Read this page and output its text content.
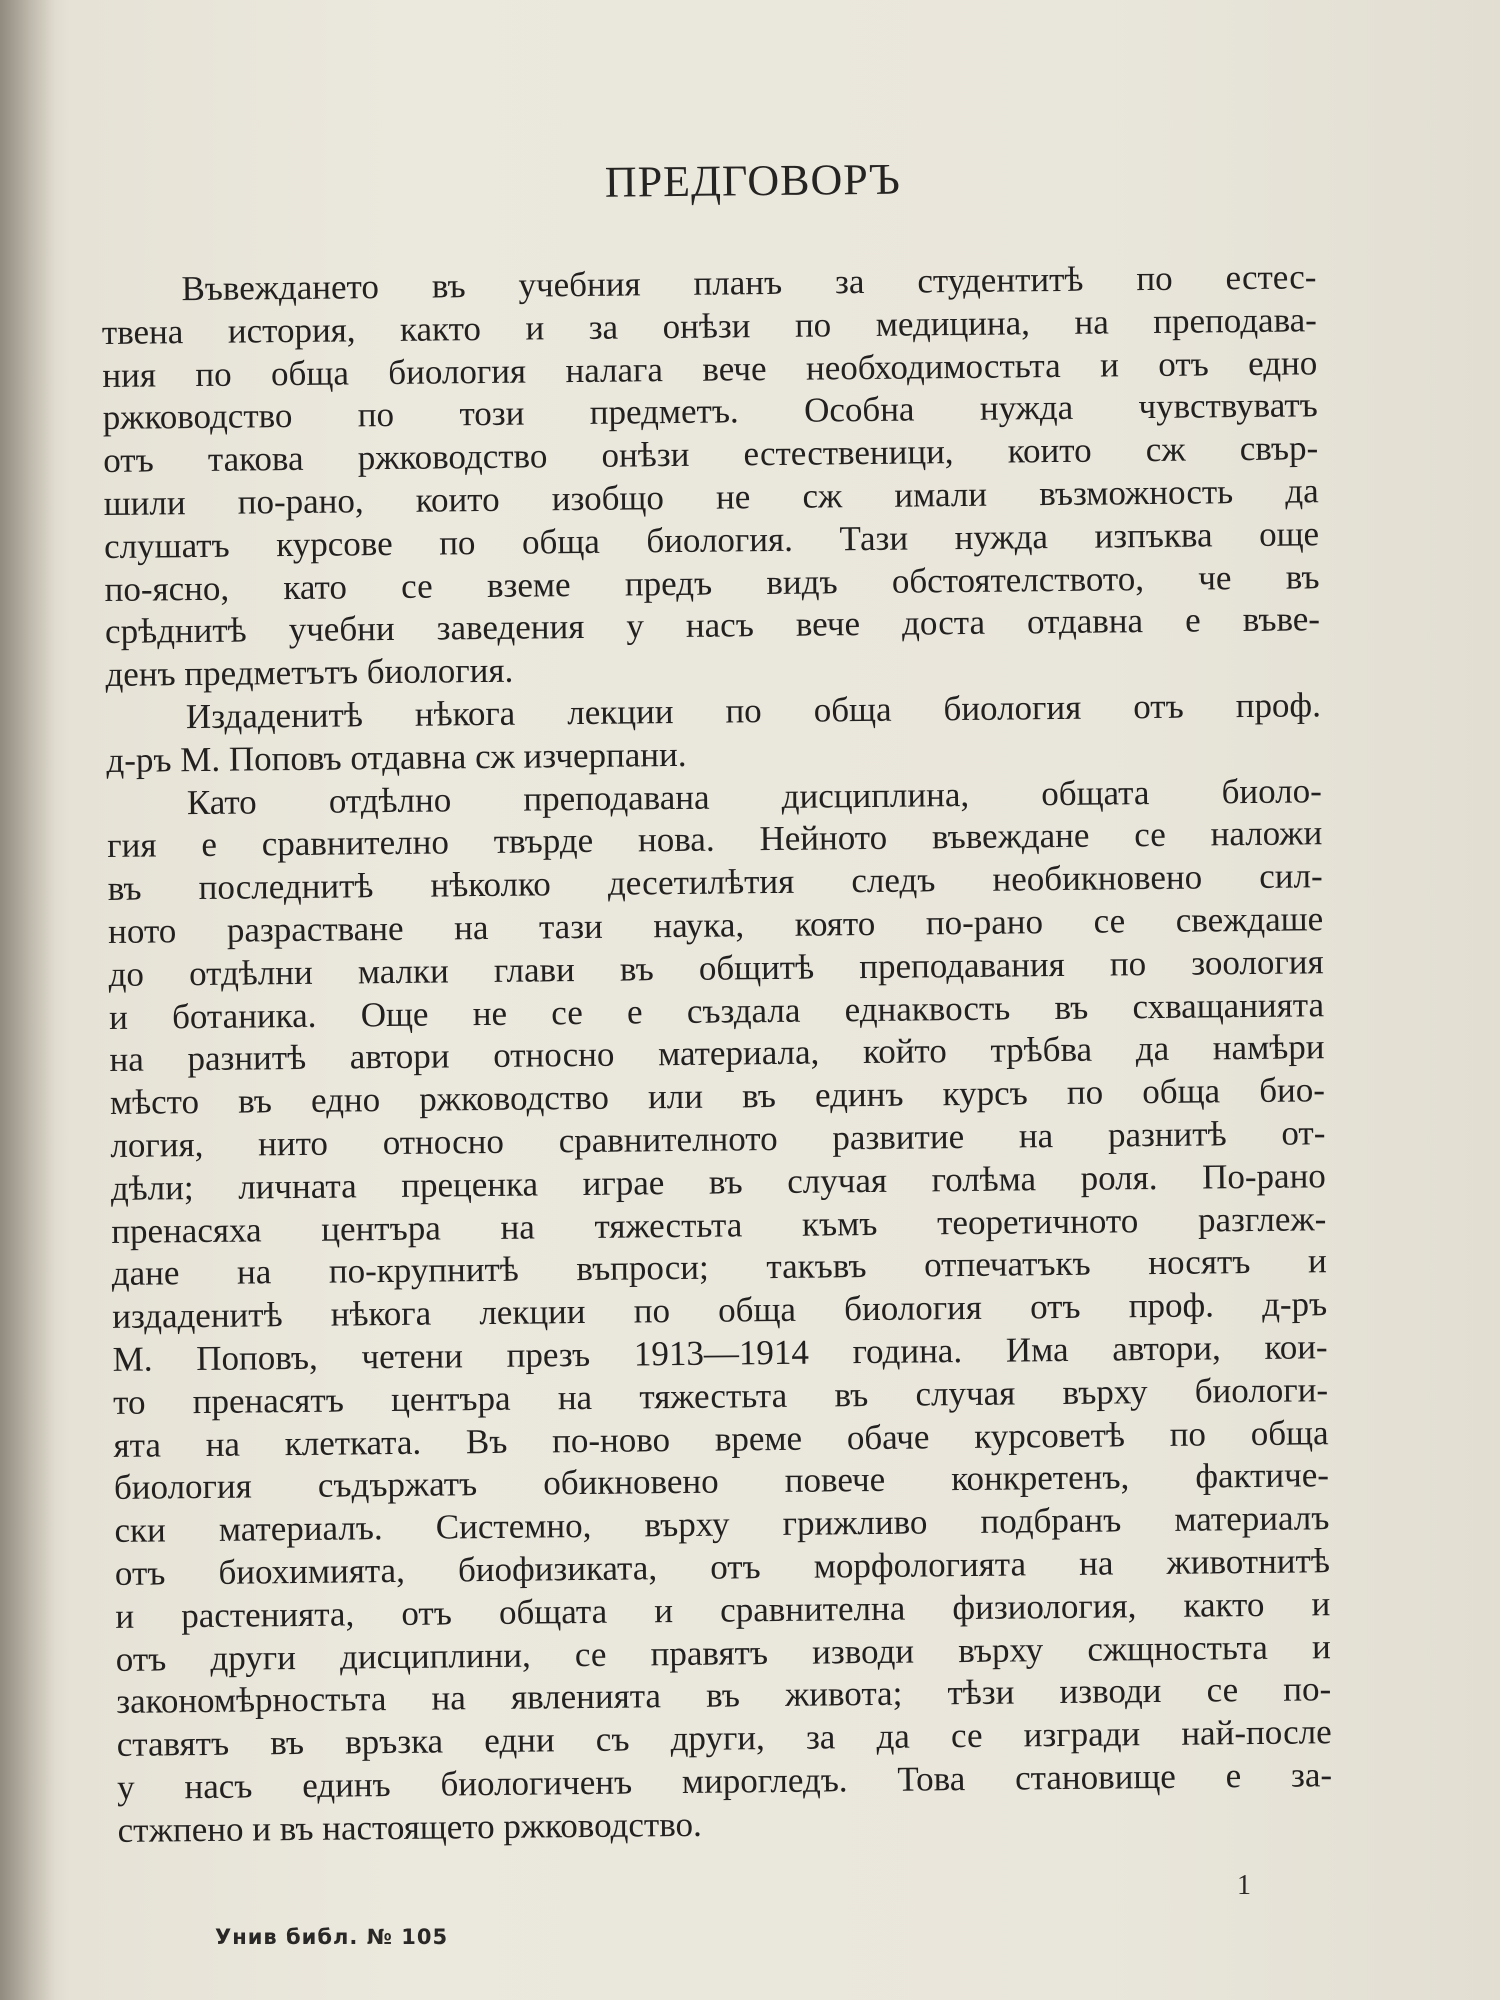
ПРЕДГОВОРЪ
Въвеждането въ учебния планъ за студентитѣ по естес-
твена история, както и за онѣзи по медицина, на преподава-
ния по обща биология налага вече необходимостьта и отъ едно
ржководство по този предметъ. Особна нужда чувствуватъ
отъ такова ржководство онѣзи естественици, които сж свър-
шили по-рано, които изобщо не сж имали възможность да
слушатъ курсове по обща биология. Тази нужда изпъква още
по-ясно, като се вземе предъ видъ обстоятелството, че въ
срѣднитѣ учебни заведения у насъ вече доста отдавна е въве-
денъ предметътъ биология.
Издаденитѣ нѣкога лекции по обща биология отъ проф.
д-ръ М. Поповъ отдавна сж изчерпани.
Като отдѣлно преподавана дисциплина, общата биоло-
гия е сравнително твърде нова. Нейното въвеждане се наложи
въ последнитѣ нѣколко десетилѣтия следъ необикновено сил-
ното разрастване на тази наука, която по-рано се свеждаше
до отдѣлни малки глави въ общитѣ преподавания по зоология
и ботаника. Още не се е създала еднаквость въ схващанията
на разнитѣ автори относно материала, който трѣбва да намѣри
мѣсто въ едно ржководство или въ единъ курсъ по обща био-
логия, нито относно сравнителното развитие на разнитѣ от-
дѣли; личната преценка играе въ случая голѣма роля. По-рано
пренасяха центъра на тяжестьта къмъ теоретичното разглеж-
дане на по-крупнитѣ въпроси; такъвъ отпечатъкъ носятъ и
издаденитѣ нѣкога лекции по обща биология отъ проф. д-ръ
М. Поповъ, четени презъ 1913—1914 година. Има автори, кои-
то пренасятъ центъра на тяжестьта въ случая върху биологи-
ята на клетката. Въ по-ново време обаче курсоветѣ по обща
биология съдържатъ обикновено повече конкретенъ, фактиче-
ски материалъ. Системно, върху грижливо подбранъ материалъ
отъ биохимията, биофизиката, отъ морфологията на животнитѣ
и растенията, отъ общата и сравнителна физиология, както и
отъ други дисциплини, се правятъ изводи върху сжщностьта и
закономѣрностьта на явленията въ живота; тѣзи изводи се по-
ставятъ въ връзка едни съ други, за да се изгради най-после
у насъ единъ биологиченъ мирогледъ. Това становище е за-
стжпено и въ настоящето ржководство.
1
Унив библ. № 105
